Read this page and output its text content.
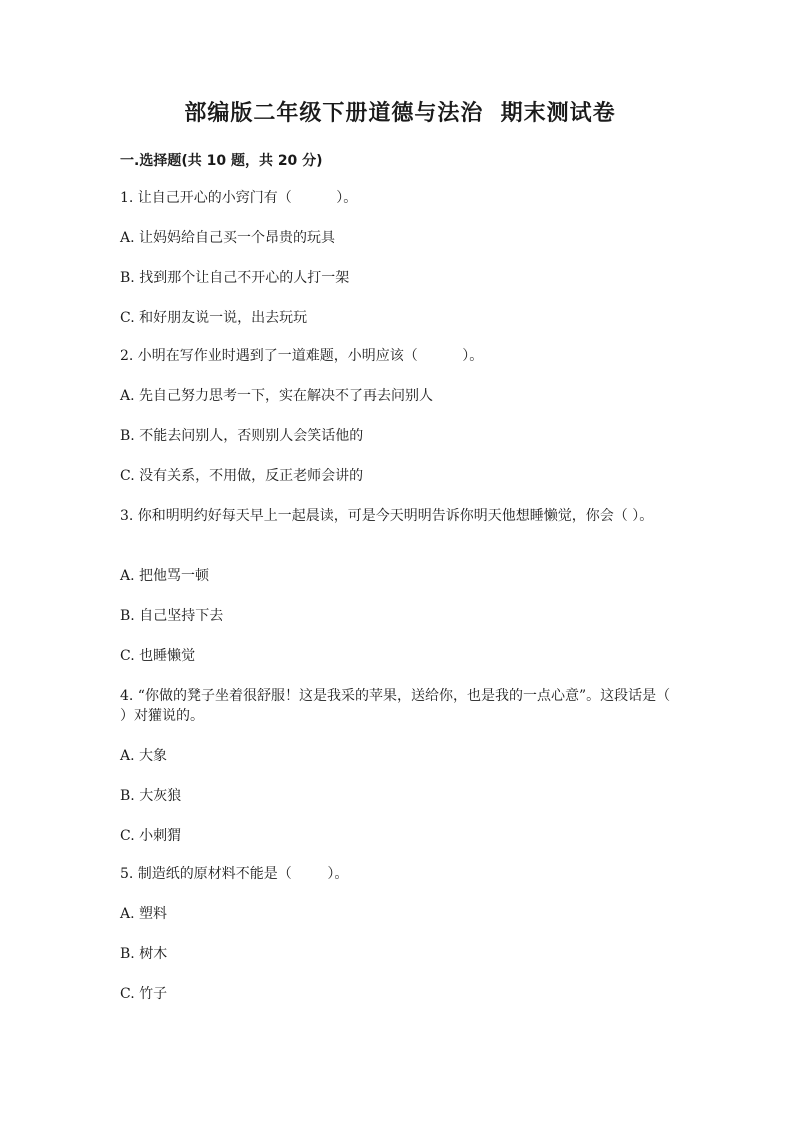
部编版二年级下册道德与法治  期末测试卷
一.选择题(共 10 题，共 20 分)
1. 让自己开心的小窍门有（          ）。
A. 让妈妈给自己买一个昂贵的玩具
B. 找到那个让自己不开心的人打一架
C. 和好朋友说一说，出去玩玩
2. 小明在写作业时遇到了一道难题，小明应该（          ）。
A. 先自己努力思考一下，实在解决不了再去问别人
B. 不能去问别人，否则别人会笑话他的
C. 没有关系，不用做，反正老师会讲的
3. 你和明明约好每天早上一起晨读，可是今天明明告诉你明天他想睡懒觉，你会（ ）。
A. 把他骂一顿
B. 自己坚持下去
C. 也睡懒觉
4. “你做的凳子坐着很舒服！这是我采的苹果，送给你，也是我的一点心意”。这段话是（ ）对獾说的。
A. 大象
B. 大灰狼
C. 小刺猬
5. 制造纸的原材料不能是（        ）。
A. 塑料
B. 树木
C. 竹子
